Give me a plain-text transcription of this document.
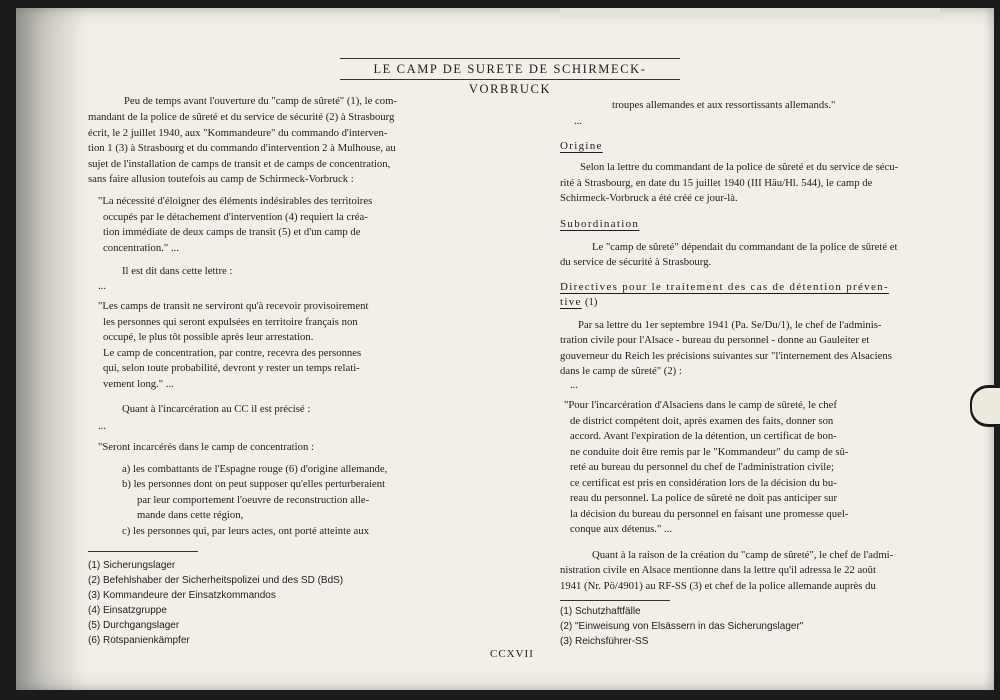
LE CAMP DE SURETE DE SCHIRMECK-VORBRUCK
Peu de temps avant l'ouverture du "camp de sûreté" (1), le com-
mandant de la police de sûreté et du service de sécurité (2) à Strasbourg
écrit, le 2 juillet 1940, aux "Kommandeure" du commando d'interven-
tion 1 (3) à Strasbourg et du commando d'intervention 2 à Mulhouse, au
sujet de l'installation de camps de transit et de camps de concentration,
sans faire allusion toutefois au camp de Schirmeck-Vorbruck :
"La nécessité d'éloigner des éléments indésirables des territoires
occupés par le détachement d'intervention (4) requiert la créa-
tion immédiate de deux camps de transit (5) et d'un camp de
concentration." ...
Il est dit dans cette lettre :
...
"Les camps de transit ne serviront qu'à recevoir provisoirement
les personnes qui seront expulsées en territoire français non
occupé, le plus tôt possible après leur arrestation.
Le camp de concentration, par contre, recevra des personnes
qui, selon toute probabilité, devront y rester un temps relati-
vement long." ...
Quant à l'incarcération au CC il est précisé :
...
"Seront incarcérés dans le camp de concentration :
a) les combattants de l'Espagne rouge (6) d'origine allemande,
b) les personnes dont on peut supposer qu'elles perturberaient
par leur comportement l'oeuvre de reconstruction alle-
mande dans cette région,
c) les personnes qui, par leurs actes, ont porté atteinte aux
(1) Sicherungslager
(2) Befehlshaber der Sicherheitspolizei und des SD (BdS)
(3) Kommandeure der Einsatzkommandos
(4) Einsatzgruppe
(5) Durchgangslager
(6) Rotspanienkämpfer
troupes allemandes et aux ressortissants allemands."
...
Origine
Selon la lettre du commandant de la police de sûreté et du service de sécu-
rité à Strasbourg, en date du 15 juillet 1940 (III Häu/Hl. 544), le camp de
Schirmeck-Vorbruck a été créé ce jour-là.
Subordination
Le "camp de sûreté" dépendait du commandant de la police de sûreté et
du service de sécurité à Strasbourg.
Directives pour le traitement des cas de détention préven-
tive (1)
Par sa lettre du 1er septembre 1941 (Pa. Se/Du/1), le chef de l'adminis-
tration civile pour l'Alsace - bureau du personnel - donne au Gauleiter et
gouverneur du Reich les précisions suivantes sur "l'internement des Alsaciens
dans le camp de sûreté" (2) :
...
"Pour l'incarcération d'Alsaciens dans le camp de sûreté, le chef
de district compétent doit, après examen des faits, donner son
accord. Avant l'expiration de la détention, un certificat de bon-
ne conduite doit être remis par le "Kommandeur" du camp de sû-
reté au bureau du personnel du chef de l'administration civile;
ce certificat est pris en considération lors de la décision du bu-
reau du personnel. La police de sûreté ne doit pas anticiper sur
la décision du bureau du personnel en faisant une promesse quel-
conque aux détenus." ...
Quant à la raison de la création du "camp de sûreté", le chef de l'admi-
nistration civile en Alsace mentionne dans la lettre qu'il adressa le 22 août
1941 (Nr. Pö/4901) au RF-SS (3) et chef de la police allemande auprès du
(1) Schutzhaftfälle
(2) "Einweisung von Elsässern in das Sicherungslager"
(3) Reichsführer-SS
CCXVII
